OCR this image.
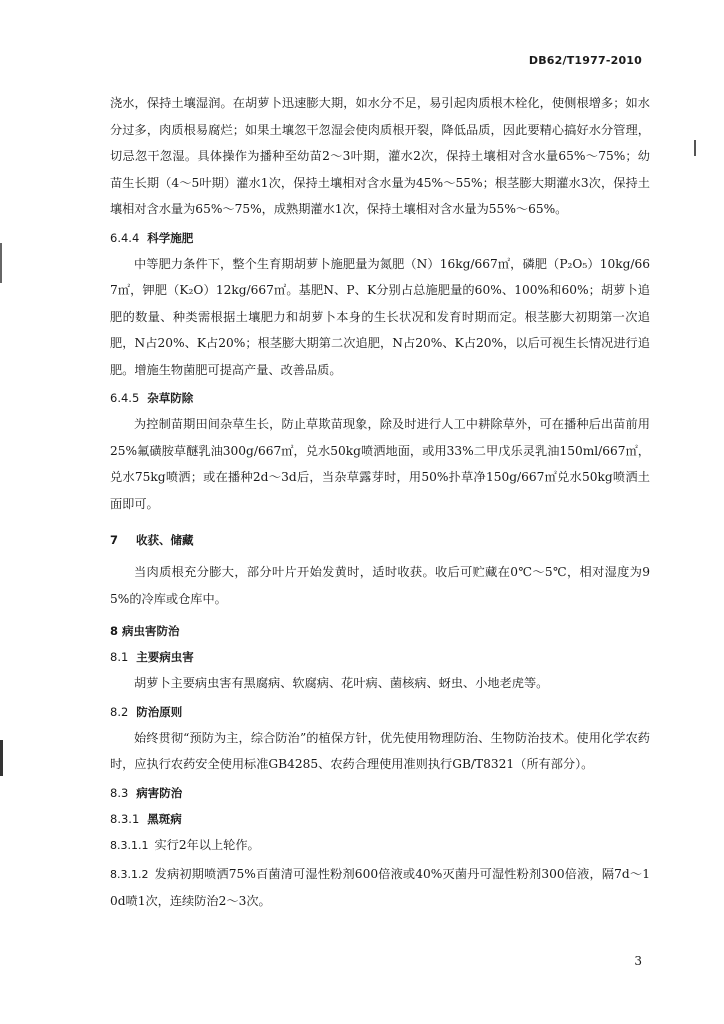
DB62/T1977-2010

浇水，保持土壤湿润。在胡萝卜迅速膨大期，如水分不足，易引起肉质根木栓化，使侧根增多；如水分过多，肉质根易腐烂；如果土壤忽干忽湿会使肉质根开裂，降低品质，因此要精心搞好水分管理，切忌忽干忽湿。具体操作为播种至幼苗2～3叶期，灌水2次，保持土壤相对含水量65%～75%；幼苗生长期（4～5叶期）灌水1次，保持土壤相对含水量为45%～55%；根茎膨大期灌水3次，保持土壤相对含水量为65%～75%，成熟期灌水1次，保持土壤相对含水量为55%～65%。

6.4.4 科学施肥

中等肥力条件下，整个生育期胡萝卜施肥量为氮肥（N）16kg/667㎡，磷肥（P₂O₅）10kg/667㎡，钾肥（K₂O）12kg/667㎡。基肥N、P、K分别占总施肥量的60%、100%和60%；胡萝卜追肥的数量、种类需根据土壤肥力和胡萝卜本身的生长状况和发育时期而定。根茎膨大初期第一次追肥，N占20%、K占20%；根茎膨大期第二次追肥，N占20%、K占20%，以后可视生长情况进行追肥。增施生物菌肥可提高产量、改善品质。

6.4.5 杂草防除

为控制苗期田间杂草生长，防止草欺苗现象，除及时进行人工中耕除草外，可在播种后出苗前用25%氟磺胺草醚乳油300g/667㎡，兑水50kg喷洒地面，或用33%二甲戊乐灵乳油150ml/667㎡，兑水75kg喷洒；或在播种2d～3d后，当杂草露芽时，用50%扑草净150g/667㎡兑水50kg喷洒土面即可。

7 收获、储藏

当肉质根充分膨大，部分叶片开始发黄时，适时收获。收后可贮藏在0℃～5℃，相对湿度为95%的冷库或仓库中。

8 病虫害防治
8.1 主要病虫害

胡萝卜主要病虫害有黑腐病、软腐病、花叶病、菌核病、蚜虫、小地老虎等。

8.2 防治原则

始终贯彻“预防为主，综合防治”的植保方针，优先使用物理防治、生物防治技术。使用化学农药时，应执行农药安全使用标准GB4285、农药合理使用准则执行GB/T8321（所有部分）。

8.3 病害防治
8.3.1 黑斑病

8.3.1.1 实行2年以上轮作。

8.3.1.2 发病初期喷洒75%百菌清可湿性粉剂600倍液或40%灭菌丹可湿性粉剂300倍液，隔7d～10d喷1次，连续防治2～3次。

3
